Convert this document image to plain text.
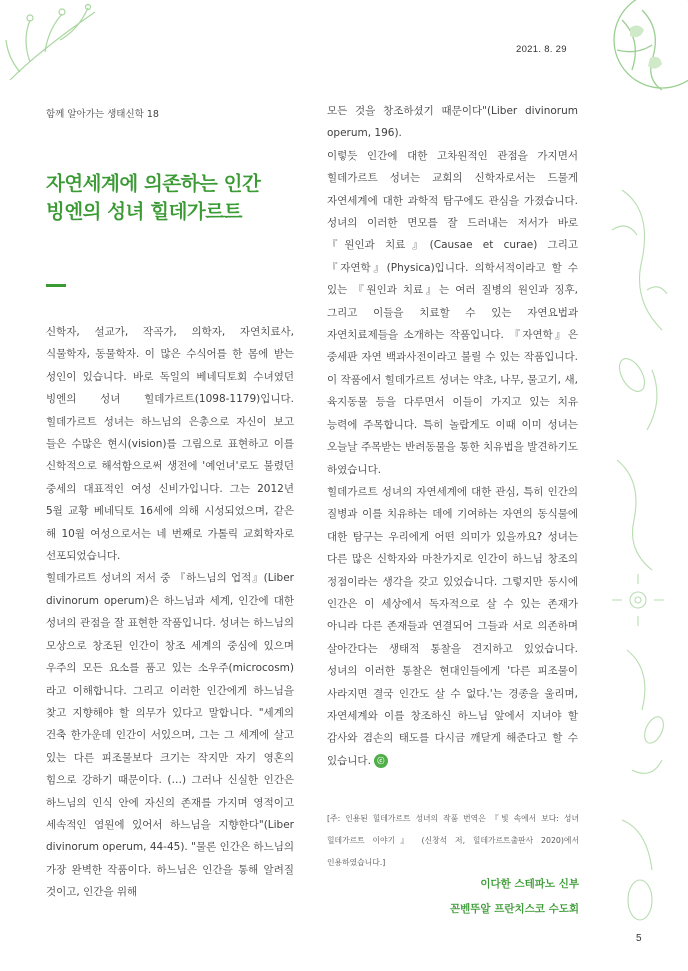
2021. 8. 29
함께 알아가는 생태신학 18
자연세계에 의존하는 인간
빙엔의 성녀 힐데가르트

신학자, 설교가, 작곡가, 의학자, 자연치료사, 식물학자, 동물학자. 이 많은 수식어를 한 몸에 받는 성인이 있습니다. 바로 독일의 베네딕토회 수녀였던 빙엔의 성녀 힐데가르트(1098-1179)입니다. 힐데가르트 성녀는 하느님의 은총으로 자신이 보고 들은 수많은 현시(vision)를 그림으로 표현하고 이를 신학적으로 해석함으로써 생전에 '예언녀'로도 불렸던 중세의 대표적인 여성 신비가입니다. 그는 2012년 5월 교황 베네딕토 16세에 의해 시성되었으며, 같은 해 10월 여성으로서는 네 번째로 가톨릭 교회학자로 선포되었습니다.

힐데가르트 성녀의 저서 중 『하느님의 업적』(Liber divinorum operum)은 하느님과 세계, 인간에 대한 성녀의 관점을 잘 표현한 작품입니다. 성녀는 하느님의 모상으로 창조된 인간이 창조 세계의 중심에 있으며 우주의 모든 요소를 품고 있는 소우주(microcosm)라고 이해합니다. 그리고 이러한 인간에게 하느님을 찾고 지향해야 할 의무가 있다고 말합니다. "세계의 건축 한가운데 인간이 서있으며, 그는 그 세계에 살고 있는 다른 피조물보다 크기는 작지만 자기 영혼의 힘으로 강하기 때문이다. (…) 그러나 신실한 인간은 하느님의 인식 안에 자신의 존재를 가지며 영적이고 세속적인 염원에 있어서 하느님을 지향한다"(Liber divinorum operum, 44-45). "물론 인간은 하느님의 가장 완벽한 작품이다. 하느님은 인간을 통해 알려질 것이고, 인간을 위해

모든 것을 창조하셨기 때문이다"(Liber divinorum operum, 196).

이렇듯 인간에 대한 고차원적인 관점을 가지면서 힐데가르트 성녀는 교회의 신학자로서는 드물게 자연세계에 대한 과학적 탐구에도 관심을 가졌습니다. 성녀의 이러한 면모를 잘 드러내는 저서가 바로 『원인과 치료』(Causae et curae) 그리고 『자연학』(Physica)입니다. 의학서적이라고 할 수 있는 『원인과 치료』는 여러 질병의 원인과 징후, 그리고 이들을 치료할 수 있는 자연요법과 자연치료제들을 소개하는 작품입니다. 『자연학』은 중세판 자연 백과사전이라고 불릴 수 있는 작품입니다. 이 작품에서 힐데가르트 성녀는 약초, 나무, 물고기, 새, 육지동물 등을 다루면서 이들이 가지고 있는 치유 능력에 주목합니다. 특히 놀랍게도 이때 이미 성녀는 오늘날 주목받는 반려동물을 통한 치유법을 발견하기도 하였습니다.

힐데가르트 성녀의 자연세계에 대한 관심, 특히 인간의 질병과 이를 치유하는 데에 기여하는 자연의 동식물에 대한 탐구는 우리에게 어떤 의미가 있을까요? 성녀는 다른 많은 신학자와 마찬가지로 인간이 하느님 창조의 정점이라는 생각을 갖고 있었습니다. 그렇지만 동시에 인간은 이 세상에서 독자적으로 살 수 있는 존재가 아니라 다른 존재들과 연결되어 그들과 서로 의존하며 살아간다는 생태적 통찰을 견지하고 있었습니다. 성녀의 이러한 통찰은 현대인들에게 '다른 피조물이 사라지면 결국 인간도 살 수 없다.'는 경종을 울리며, 자연세계와 이를 창조하신 하느님 앞에서 지녀야 할 감사와 겸손의 태도를 다시금 깨닫게 해준다고 할 수 있습니다. ⓒ

[주: 인용된 힐데가르트 성녀의 작품 번역은 『빛 속에서 보다: 성녀 힐데가르트 이야기』 (신창석 저, 힐데가르트출판사 2020)에서 인용하였습니다.]
이다한 스테파노 신부
꼰벤뚜알 프란치스코 수도회
5
